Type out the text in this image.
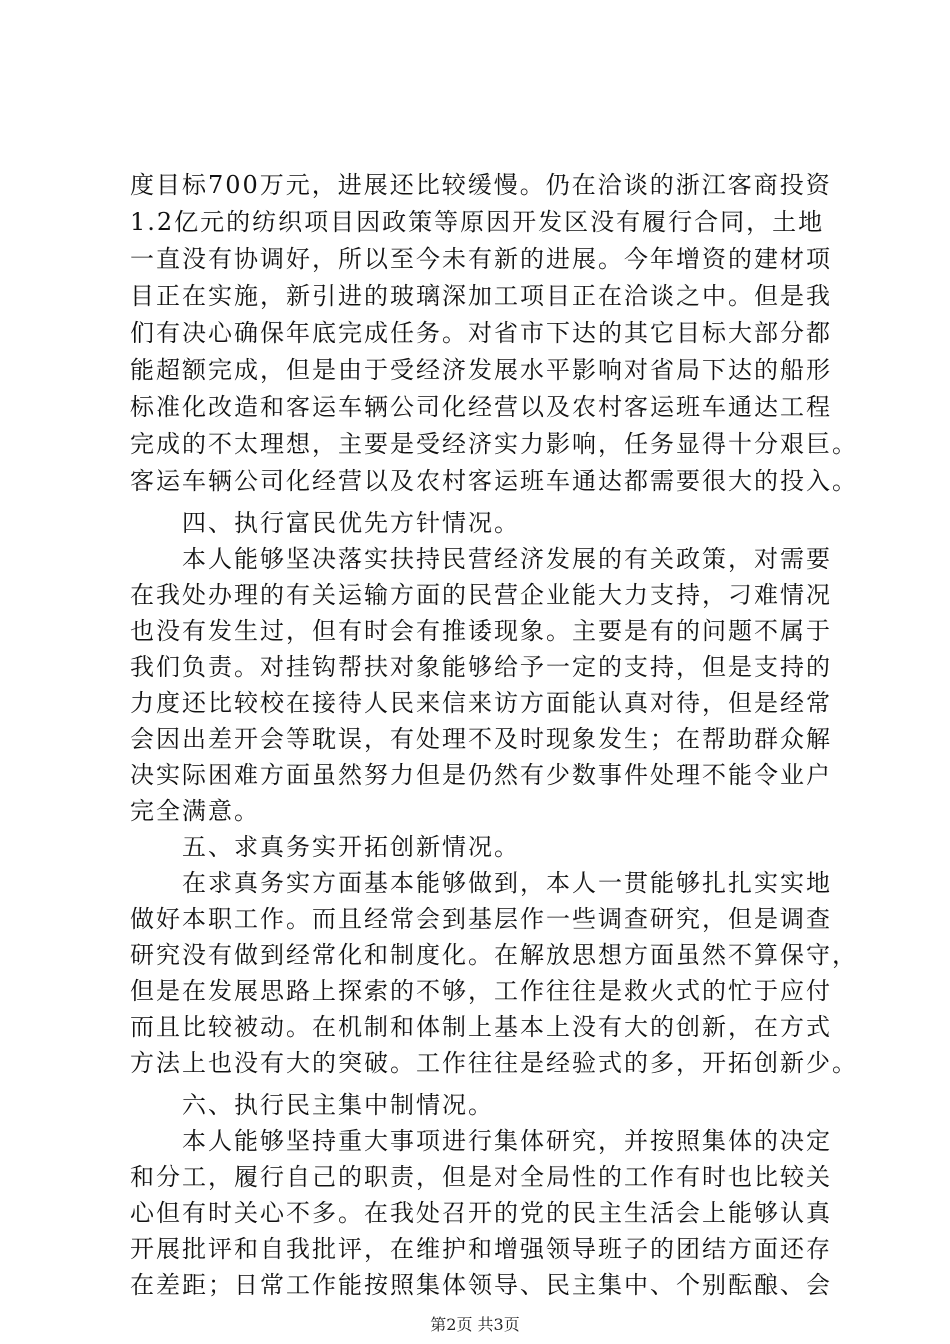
度目标700万元，进展还比较缓慢。仍在洽谈的浙江客商投资
1.2亿元的纺织项目因政策等原因开发区没有履行合同，土地
一直没有协调好，所以至今未有新的进展。今年增资的建材项
目正在实施，新引进的玻璃深加工项目正在洽谈之中。但是我
们有决心确保年底完成任务。对省市下达的其它目标大部分都
能超额完成，但是由于受经济发展水平影响对省局下达的船形
标准化改造和客运车辆公司化经营以及农村客运班车通达工程
完成的不太理想，主要是受经济实力影响，任务显得十分艰巨。
客运车辆公司化经营以及农村客运班车通达都需要很大的投入。
　　四、执行富民优先方针情况。
　　本人能够坚决落实扶持民营经济发展的有关政策，对需要
在我处办理的有关运输方面的民营企业能大力支持，刁难情况
也没有发生过，但有时会有推诿现象。主要是有的问题不属于
我们负责。对挂钩帮扶对象能够给予一定的支持，但是支持的
力度还比较校在接待人民来信来访方面能认真对待，但是经常
会因出差开会等耽误，有处理不及时现象发生；在帮助群众解
决实际困难方面虽然努力但是仍然有少数事件处理不能令业户
完全满意。
　　五、求真务实开拓创新情况。
　　在求真务实方面基本能够做到，本人一贯能够扎扎实实地
做好本职工作。而且经常会到基层作一些调查研究，但是调查
研究没有做到经常化和制度化。在解放思想方面虽然不算保守，
但是在发展思路上探索的不够，工作往往是救火式的忙于应付
而且比较被动。在机制和体制上基本上没有大的创新，在方式
方法上也没有大的突破。工作往往是经验式的多，开拓创新少。
　　六、执行民主集中制情况。
　　本人能够坚持重大事项进行集体研究，并按照集体的决定
和分工，履行自己的职责，但是对全局性的工作有时也比较关
心但有时关心不多。在我处召开的党的民主生活会上能够认真
开展批评和自我批评，在维护和增强领导班子的团结方面还存
在差距；日常工作能按照集体领导、民主集中、个别酝酿、会
第2页 共3页
